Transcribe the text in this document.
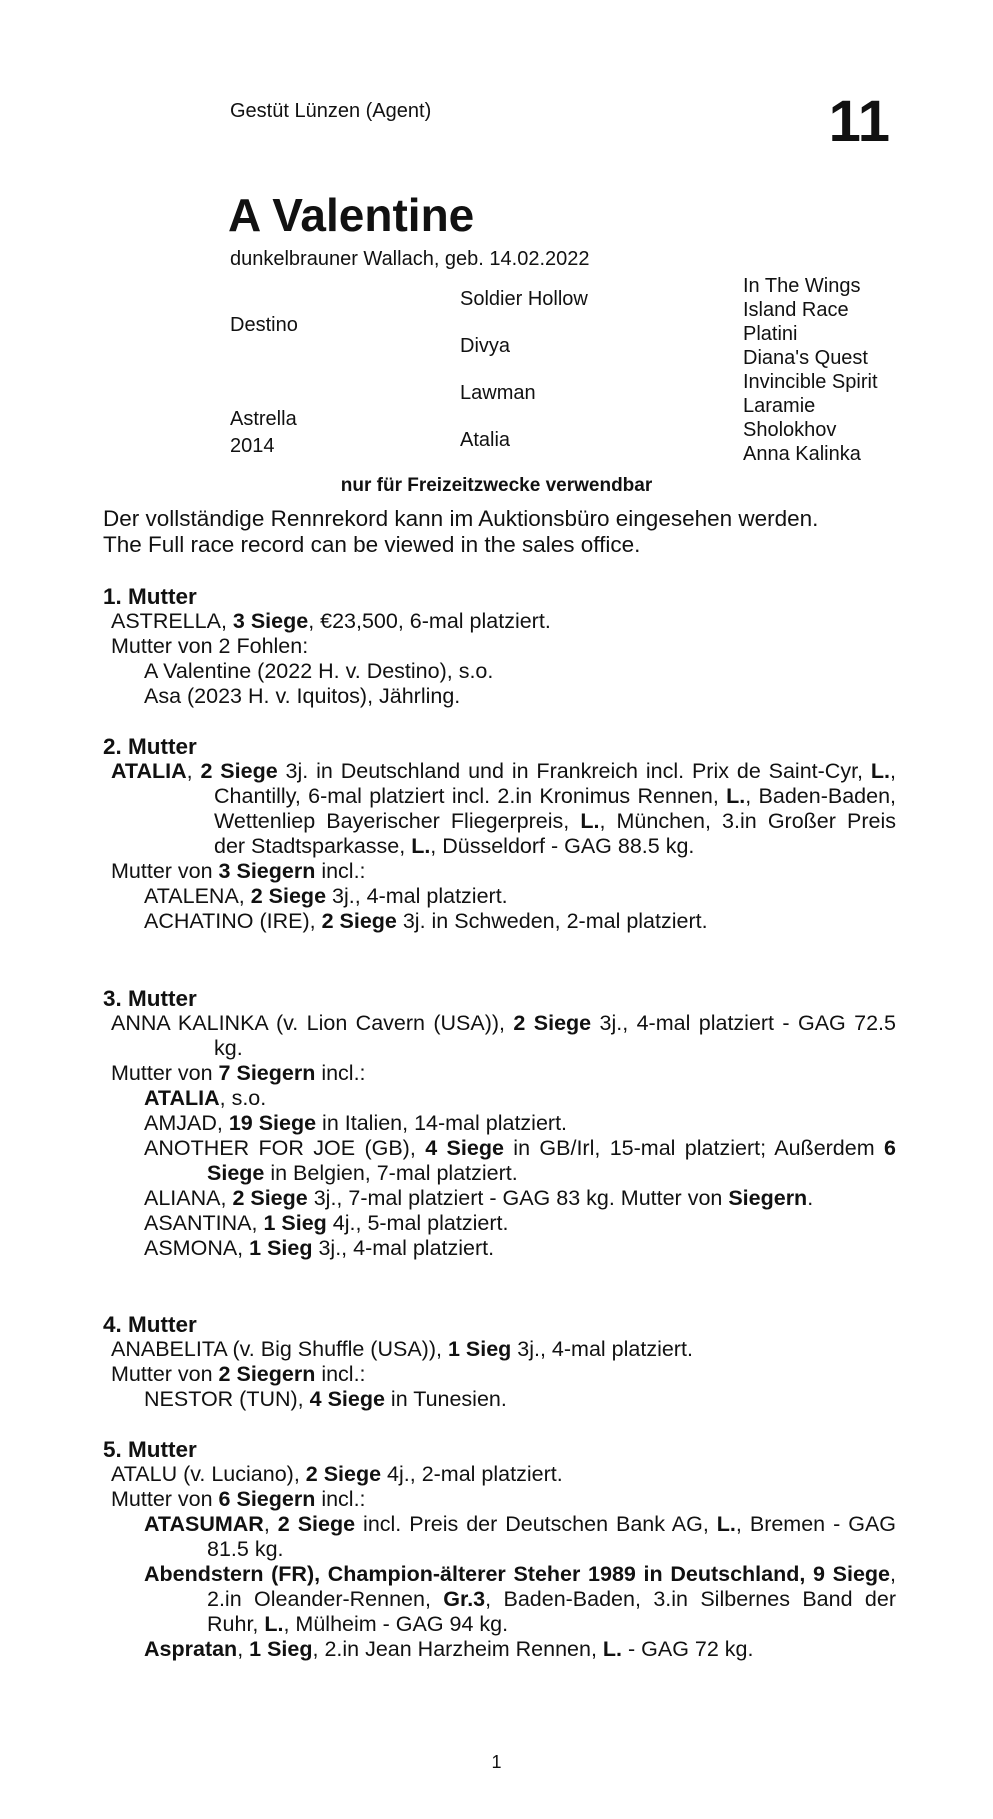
Gestüt Lünzen (Agent)	11
A Valentine
dunkelbrauner Wallach, geb. 14.02.2022
Destino
Astrella
2014
Soldier Hollow
Divya
Lawman
Atalia
In The Wings
Island Race
Platini
Diana's Quest
Invincible Spirit
Laramie
Sholokhov
Anna Kalinka
nur für Freizeitzwecke verwendbar
Der vollständige Rennrekord kann im Auktionsbüro eingesehen werden.
The Full race record can be viewed in the sales office.
1. Mutter
ASTRELLA, 3 Siege, €23,500, 6-mal platziert.
Mutter von 2 Fohlen:
A Valentine (2022 H. v. Destino), s.o.
Asa (2023 H. v. Iquitos), Jährling.
2. Mutter
ATALIA, 2 Siege 3j. in Deutschland und in Frankreich incl. Prix de Saint-Cyr, L., Chantilly, 6-mal platziert incl. 2.in Kronimus Rennen, L., Baden-Baden, Wettenliep Bayerischer Fliegerpreis, L., München, 3.in Großer Preis der Stadtsparkasse, L., Düsseldorf - GAG 88.5 kg.
Mutter von 3 Siegern incl.:
ATALENA, 2 Siege 3j., 4-mal platziert.
ACHATINO (IRE), 2 Siege 3j. in Schweden, 2-mal platziert.
3. Mutter
ANNA KALINKA (v. Lion Cavern (USA)), 2 Siege 3j., 4-mal platziert - GAG 72.5 kg.
Mutter von 7 Siegern incl.:
ATALIA, s.o.
AMJAD, 19 Siege in Italien, 14-mal platziert.
ANOTHER FOR JOE (GB), 4 Siege in GB/Irl, 15-mal platziert; Außerdem 6 Siege in Belgien, 7-mal platziert.
ALIANA, 2 Siege 3j., 7-mal platziert - GAG 83 kg. Mutter von Siegern.
ASANTINA, 1 Sieg 4j., 5-mal platziert.
ASMONA, 1 Sieg 3j., 4-mal platziert.
4. Mutter
ANABELITA (v. Big Shuffle (USA)), 1 Sieg 3j., 4-mal platziert.
Mutter von 2 Siegern incl.:
NESTOR (TUN), 4 Siege in Tunesien.
5. Mutter
ATALU (v. Luciano), 2 Siege 4j., 2-mal platziert.
Mutter von 6 Siegern incl.:
ATASUMAR, 2 Siege incl. Preis der Deutschen Bank AG, L., Bremen - GAG 81.5 kg.
Abendstern (FR), Champion-älterer Steher 1989 in Deutschland, 9 Siege, 2.in Oleander-Rennen, Gr.3, Baden-Baden, 3.in Silbernes Band der Ruhr, L., Mülheim - GAG 94 kg.
Aspratan, 1 Sieg, 2.in Jean Harzheim Rennen, L. - GAG 72 kg.
1
